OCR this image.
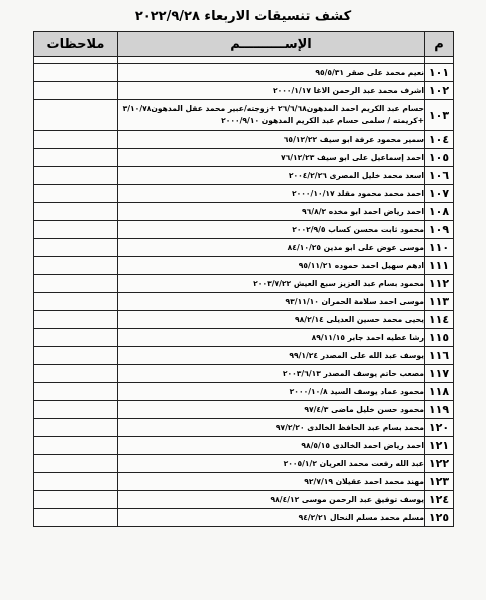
كشف تنسيقات الاربعاء ٢٠٢٢/٩/٢٨
م	الإســــــــــم	ملاحظات

١٠١	نعيم محمد على صقر ٩٥/٥/٣١	
١٠٢	اشرف محمد عبد الرحمن الاغا ٢٠٠٠/١/١٧	
١٠٣	حسام عبد الكريم احمد المدهون٢٦/٦/٦٨ +زوجته/عبير محمد عقل المدهون٣/١٠/٧٨ +كريمته / سلمى حسام عبد الكريم المدهون ٢٠٠٠/٩/١٠	
١٠٤	سمير محمود عرفة ابو سيف ٦٥/١٢/٢٢	
١٠٥	احمد إسماعيل على ابو سيف ٧٦/١٢/٢٣	
١٠٦	اسعد محمد خليل المصرى ٢٠٠٤/٢/٢٦	
١٠٧	احمد محمد محمود مقلد ٢٠٠٠/١٠/١٧	
١٠٨	احمد رياض احمد ابو مخده ٩٦/٨/٢	
١٠٩	محمود ثابت محسن كساب ٢٠٠٢/٩/٥	
١١٠	موسى عوض على ابو مدين ٨٤/١٠/٢٥	
١١١	ادهم سهيل احمد حموده ٩٥/١١/٢١	
١١٢	محمود بسام عبد العزيز سبع العيش ٢٠٠٣/٧/٢٢	
١١٣	موسى احمد سلامة الحمران ٩٣/١١/١٠	
١١٤	يحيى محمد حسين العديلى ٩٨/٢/١٤	
١١٥	رشا عطيه احمد جابر ٨٩/١١/١٥	
١١٦	يوسف عبد الله على المصدر ٩٩/١/٢٤	
١١٧	مصعب حاتم يوسف المصدر ٢٠٠٣/٦/١٣	
١١٨	محمود عماد يوسف السيد ٢٠٠٠/١٠/٨	
١١٩	محمود حسن خليل ماضى ٩٧/٤/٣	
١٢٠	محمد بسام عبد الحافظ الخالدى ٩٧/٢/٢٠	
١٢١	احمد رياض احمد الخالدى ٩٨/٥/١٥	
١٢٢	عبد الله رفعت محمد العريان ٢٠٠٥/١/٢	
١٢٣	مهند محمد احمد عقيلان ٩٢/٧/١٩	
١٢٤	يوسف توفيق عبد الرحمن موسى ٩٨/٤/١٢	
١٢٥	مسلم محمد مسلم النحال ٩٤/٢/٢١	
